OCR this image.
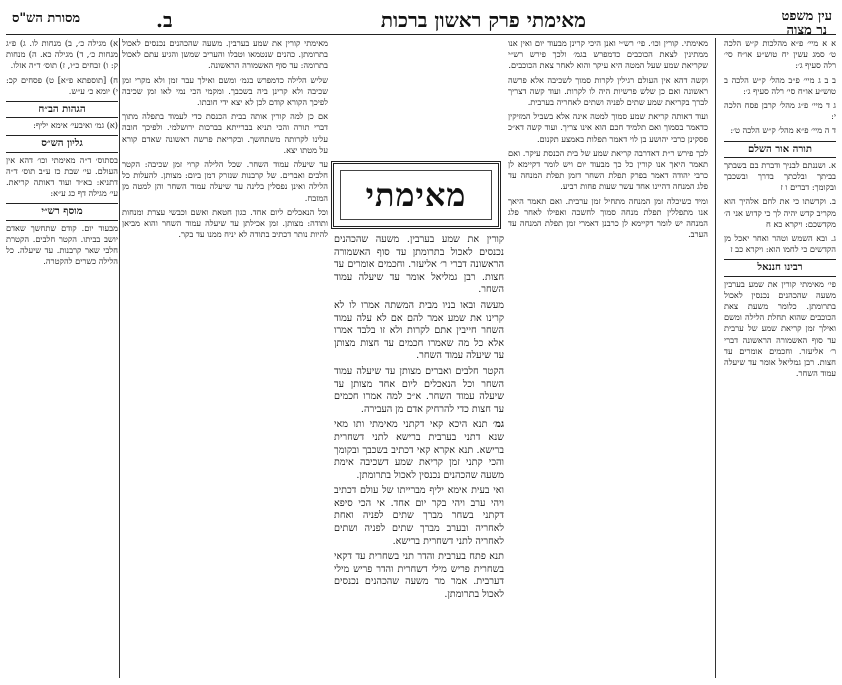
עין משפט
נר מצוה
מאימתי פרק ראשון ברכות
ב.
מסורת הש"ס

א א מיי׳ פ״א מהלכות ק״ש הלכה ט׳ סמג עשין יח טוש״ע או״ח סי׳ רלה סעיף ג׳:

ב ב ג מיי׳ פ״ב מהל׳ ק״ש הלכה ב טוש״ע או״ח סי׳ רלה סעיף ג׳:

ג ד מיי׳ פ״ג מהל׳ קרבן פסח הלכה י:

ד ה מיי׳ פ״א מהל׳ ק״ש הלכה ט׳:

תורה אור השלם

א. ושננתם לבניך ודברת בם בשבתך בביתך ובלכתך בדרך ובשכבך ובקומך: דברים ו ז

ב. וקדשתו כי את לחם אלהיך הוא מקריב קדש יהיה לך כי קדוש אני ה׳ מקדשכם: ויקרא כא ח

ג. ובא השמש וטהר ואחר יאכל מן הקדשים כי לחמו הוא: ויקרא כב ז

רבינו חננאל

פי׳ מאימתי קורין את שמע בערבין משעה שהכהנים נכנסין לאכול בתרומתן. כלומר משעת צאת הכוכבים שהוא תחלת הלילה ומשם ואילך זמן קריאת שמע של ערבית עד סוף האשמורה הראשונה דברי ר׳ אליעזר. וחכמים אומרים עד חצות. רבן גמליאל אומר עד שיעלה עמוד השחר.

מאימתי. קורין וכו׳. פי׳ רש״י ואנן היכי קרינן מבעוד יום ואין אנו ממתינין לצאת הכוכבים כדמפרש בגמ׳ ולכך פירש רש״י שקריאת שמע שעל המטה היא עיקר והוא לאחר צאת הכוכבים.

וקשה דהא אין העולם רגילין לקרות סמוך לשכיבה אלא פרשה ראשונה ואם כן שלש פרשיות היה לו לקרות. ועוד קשה דצריך לברך בקריאת שמע שתים לפניה ושתים לאחריה בערבית.

ועוד דאותה קריאת שמע סמוך למטה אינה אלא בשביל המזיקין כדאמר בסמוך ואם תלמיד חכם הוא אינו צריך. ועוד קשה דא״כ פסקינן כרבי יהושע בן לוי דאמר תפלות באמצע תקנום.

לכך פירש ר״ת דאדרבה קריאת שמע של בית הכנסת עיקר. ואם תאמר היאך אנו קורין כל כך מבעוד יום ויש לומר דקיימא לן כרבי יהודה דאמר בפרק תפלת השחר דזמן תפלת המנחה עד פלג המנחה דהיינו אחד עשר שעות פחות רביע.

ומיד כשיכלה זמן המנחה מתחיל זמן ערבית. ואם תאמר היאך אנו מתפללין תפלת מנחה סמוך לחשכה ואפילו לאחר פלג המנחה יש לומר דקיימא לן כרבנן דאמרי זמן תפלת המנחה עד הערב.

קורין את שמע בערבין. משעה שהכהנים נכנסים לאכול בתרומתן עד סוף האשמורה הראשונה דברי ר׳ אליעזר. וחכמים אומרים עד חצות. רבן גמליאל אומר עד שיעלה עמוד השחר.

מעשה ובאו בניו מבית המשתה אמרו לו לא קרינו את שמע אמר להם אם לא עלה עמוד השחר חייבין אתם לקרות ולא זו בלבד אמרו אלא כל מה שאמרו חכמים עד חצות מצותן עד שיעלה עמוד השחר.

הקטר חלבים ואברים מצותן עד שיעלה עמוד השחר וכל הנאכלים ליום אחד מצותן עד שיעלה עמוד השחר. א״כ למה אמרו חכמים עד חצות כדי להרחיק אדם מן העבירה.

גמ׳ תנא היכא קאי דקתני מאימתי ותו מאי שנא דתני בערבית ברישא לתני דשחרית ברישא. תנא אקרא קאי דכתיב בשכבך ובקומך והכי קתני זמן קריאת שמע דשכיבה אימת משעה שהכהנים נכנסין לאכול בתרומתן.

ואי בעית אימא יליף מברייתו של עולם דכתיב ויהי ערב ויהי בקר יום אחד. אי הכי סיפא דקתני בשחר מברך שתים לפניה ואחת לאחריה ובערב מברך שתים לפניה ושתים לאחריה לתני דשחרית ברישא.

תנא פתח בערבית והדר תני בשחרית עד דקאי בשחרית פריש מילי דשחרית והדר פריש מילי דערבית. אמר מר משעה שהכהנים נכנסים לאכול בתרומתן.

מאימתי

מאימתי קורין את שמע בערבין. משעה שהכהנים נכנסים לאכול בתרומתן. כהנים שנטמאו וטבלו והעריב שמשן והגיע עתם לאכול בתרומה: עד סוף האשמורה הראשונה.

שליש הלילה כדמפרש בגמ׳ ומשם ואילך עבר זמן ולא מקרי זמן שכיבה ולא קרינן ביה בשכבך. ומקמי הכי נמי לאו זמן שכיבה לפיכך הקורא קודם לכן לא יצא ידי חובתו.

אם כן למה קורין אותה בבית הכנסת כדי לעמוד בתפלה מתוך דברי תורה והכי תניא בברייתא בברכות ירושלמי. ולפיכך חובה עלינו לקרותה משתחשך. ובקריאת פרשה ראשונה שאדם קורא על מטתו יצא.

עד שיעלה עמוד השחר. שכל הלילה קרוי זמן שכיבה: הקטר חלבים ואברים. של קרבנות שנזרק דמן ביום: מצותן. להעלות כל הלילה ואינן נפסלין בלינה עד שיעלה עמוד השחר והן למטה מן המזבח.

וכל הנאכלים ליום אחד. כגון חטאת ואשם וכבשי עצרת ומנחות ותודה: מצותן. זמן אכילתן עד שיעלה עמוד השחר והוא מביאן להיות נותר דכתיב בתודה לא יניח ממנו עד בקר.

א) מגילה כ׳, ב) מנחות לו. ג) פ״ג מנחות כ׳, ד) מגילה כא. ה) מנחות ק: ו) זבחים כ״ו, ז) תוס׳ ד״ה אזלו.

ח) [תוספתא פ״א] ט) פסחים קכ: י) יומא כ׳ ע״ש.

הגהות הב״ח

(א) גמ׳ ואיבעי׳ אימא יליף:

גליון הש״ס

בסתוס׳ ד״ה מאימתי וכו׳ דהא אין העולם. עי׳ שבת כז ע״ב תוס׳ ד״ה דתניא: בא״ד ועוד דאותה קריאת. עי׳ מגילה דף כג ע״א:

מוסף רש״י

מבעוד יום. קודם שתחשך שאדם יושב בביתו. הקטר חלבים. הקטרת חלבי שאר קרבנות. עד שיעלה. כל הלילה כשרים להקטרה.
